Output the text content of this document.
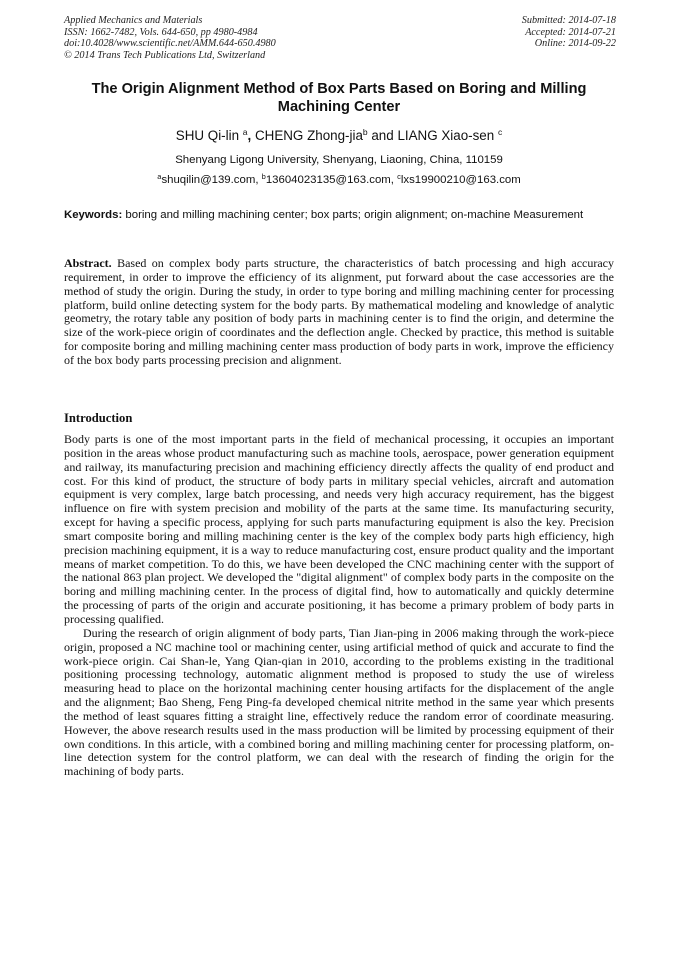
Applied Mechanics and Materials
ISSN: 1662-7482, Vols. 644-650, pp 4980-4984
doi:10.4028/www.scientific.net/AMM.644-650.4980
© 2014 Trans Tech Publications Ltd, Switzerland
Submitted: 2014-07-18
Accepted: 2014-07-21
Online: 2014-09-22
The Origin Alignment Method of Box Parts Based on Boring and Milling Machining Center
SHU Qi-lin $^a$, CHENG Zhong-jia$^b$ and LIANG Xiao-sen $^c$
Shenyang Ligong University, Shenyang, Liaoning, China, 110159
$^a$shuqilin@139.com, $^b$13604023135@163.com, $^c$lxs19900210@163.com
Keywords: boring and milling machining center; box parts; origin alignment; on-machine Measurement
Abstract. Based on complex body parts structure, the characteristics of batch processing and high accuracy requirement, in order to improve the efficiency of its alignment, put forward about the case accessories are the method of study the origin. During the study, in order to type boring and milling machining center for processing platform, build online detecting system for the body parts. By mathematical modeling and knowledge of analytic geometry, the rotary table any position of body parts in machining center is to find the origin, and determine the size of the work-piece origin of coordinates and the deflection angle. Checked by practice, this method is suitable for composite boring and milling machining center mass production of body parts in work, improve the efficiency of the box body parts processing precision and alignment.
Introduction

Body parts is one of the most important parts in the field of mechanical processing, it occupies an important position in the areas whose product manufacturing such as machine tools, aerospace, power generation equipment and railway, its manufacturing precision and machining efficiency directly affects the quality of end product and cost. For this kind of product, the structure of body parts in military special vehicles, aircraft and automation equipment is very complex, large batch processing, and needs very high accuracy requirement, has the biggest influence on fire with system precision and mobility of the parts at the same time. Its manufacturing security, except for having a specific process, applying for such parts manufacturing equipment is also the key. Precision smart composite boring and milling machining center is the key of the complex body parts high efficiency, high precision machining equipment, it is a way to reduce manufacturing cost, ensure product quality and the important means of market competition. To do this, we have been developed the CNC machining center with the support of the national 863 plan project. We developed the "digital alignment" of complex body parts in the composite on the boring and milling machining center. In the process of digital find, how to automatically and quickly determine the processing of parts of the origin and accurate positioning, it has become a primary problem of body parts in processing qualified.

During the research of origin alignment of body parts, Tian Jian-ping in 2006 making through the work-piece origin, proposed a NC machine tool or machining center, using artificial method of quick and accurate to find the work-piece origin. Cai Shan-le, Yang Qian-qian in 2010, according to the problems existing in the traditional positioning processing technology, automatic alignment method is proposed to study the use of wireless measuring head to place on the horizontal machining center housing artifacts for the displacement of the angle and the alignment; Bao Sheng, Feng Ping-fa developed chemical nitrite method in the same year which presents the method of least squares fitting a straight line, effectively reduce the random error of coordinate measuring. However, the above research results used in the mass production will be limited by processing equipment of their own conditions. In this article, with a combined boring and milling machining center for processing platform, on-line detection system for the control platform, we can deal with the research of finding the origin for the machining of body parts.
